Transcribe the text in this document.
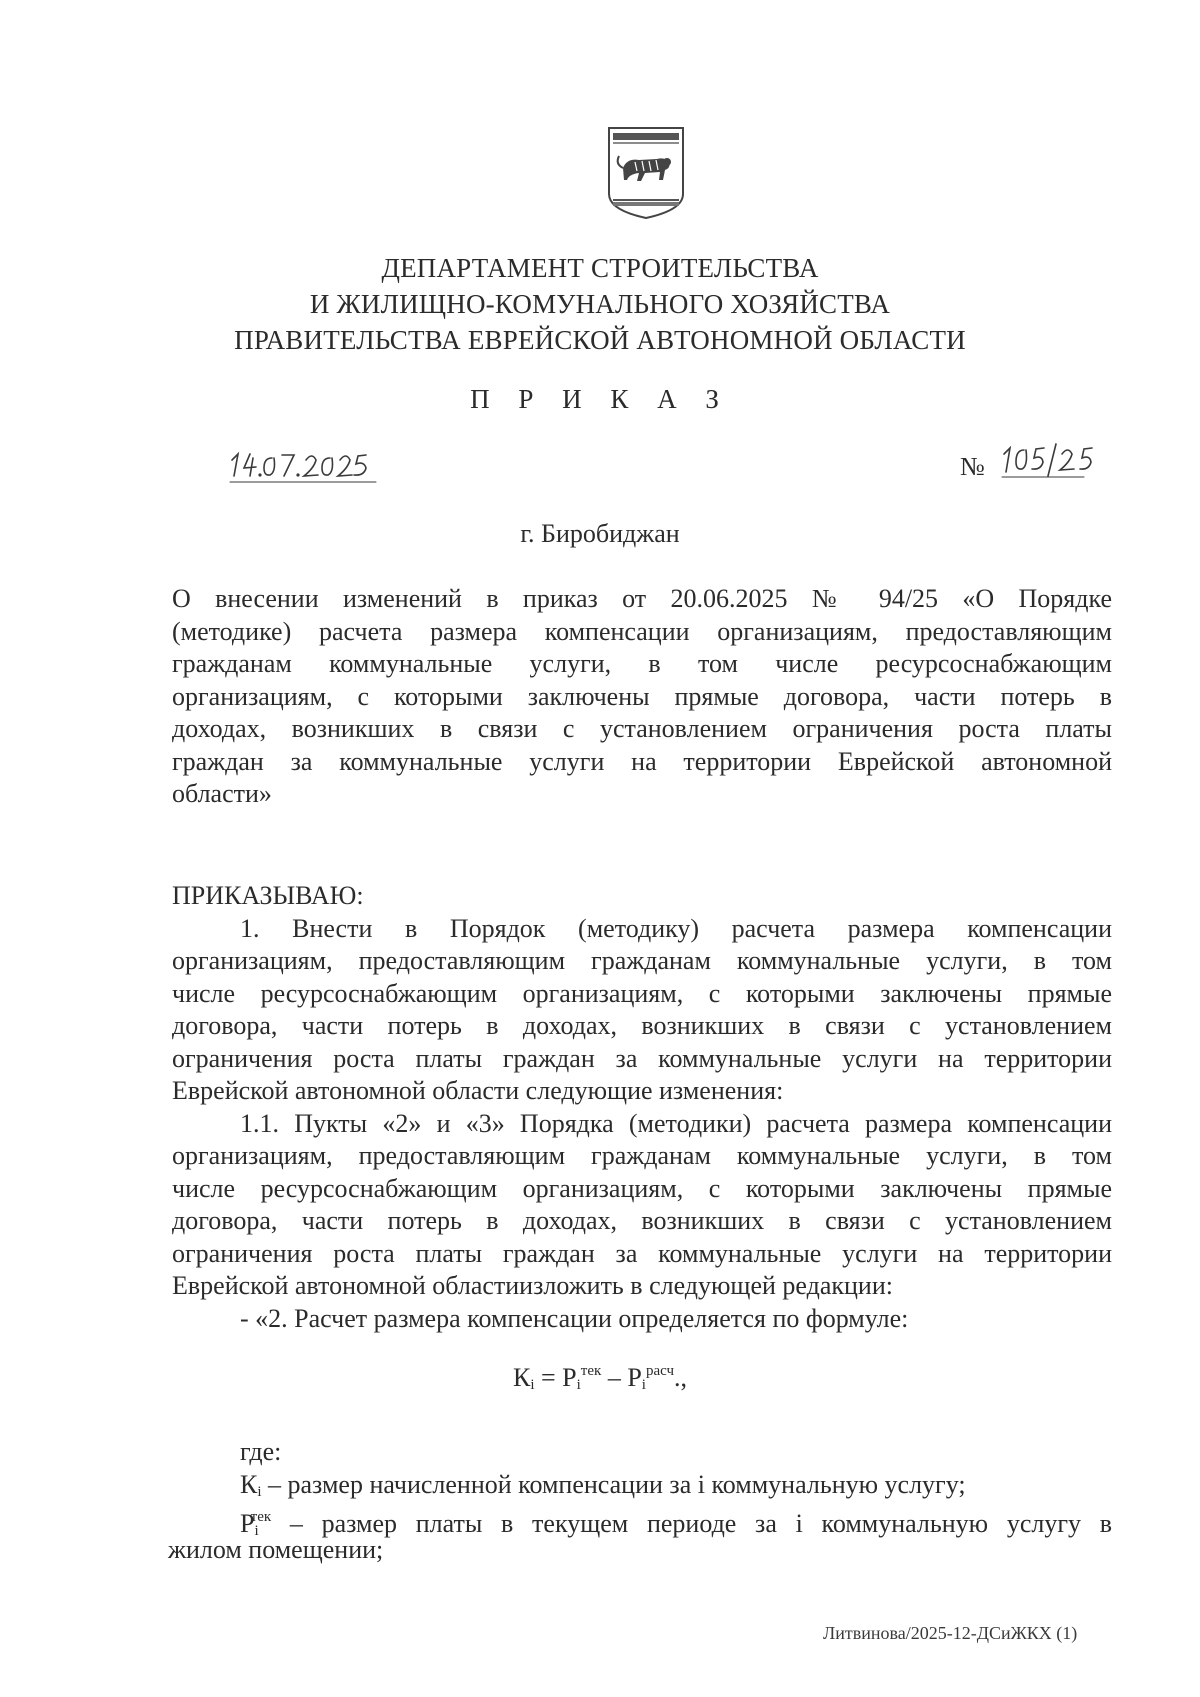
ДЕПАРТАМЕНТ СТРОИТЕЛЬСТВА
И ЖИЛИЩНО-КОМУНАЛЬНОГО ХОЗЯЙСТВА
ПРАВИТЕЛЬСТВА ЕВРЕЙСКОЙ АВТОНОМНОЙ ОБЛАСТИ
П Р И К А З
№
г. Биробиджан
О внесении изменений в приказ от 20.06.2025 № 94/25 «О Порядке
(методике) расчета размера компенсации организациям, предоставляющим
гражданам коммунальные услуги, в том числе ресурсоснабжающим
организациям, с которыми заключены прямые договора, части потерь в
доходах, возникших в связи с установлением ограничения роста платы
граждан за коммунальные услуги на территории Еврейской автономной
области»
ПРИКАЗЫВАЮ:
1. Внести в Порядок (методику) расчета размера компенсации
организациям, предоставляющим гражданам коммунальные услуги, в том
числе ресурсоснабжающим организациям, с которыми заключены прямые
договора, части потерь в доходах, возникших в связи с установлением
ограничения роста платы граждан за коммунальные услуги на территории
Еврейской автономной области следующие изменения:
1.1. Пукты «2» и «3» Порядка (методики) расчета размера компенсации
организациям, предоставляющим гражданам коммунальные услуги, в том
числе ресурсоснабжающим организациям, с которыми заключены прямые
договора, части потерь в доходах, возникших в связи с установлением
ограничения роста платы граждан за коммунальные услуги на территории
Еврейской автономной областиизложить в следующей редакции:
- «2. Расчет размера компенсации определяется по формуле:
$К_i = Р_i^{тек} - Р_i^{расч}$.,
где:
$К_i$ – размер начисленной компенсации за i коммунальную услугу;
$Р_i^{тек}$ – размер платы в текущем периоде за i коммунальную услугу в
жилом помещении;
Литвинова/2025-12-ДСиЖКХ (1)
